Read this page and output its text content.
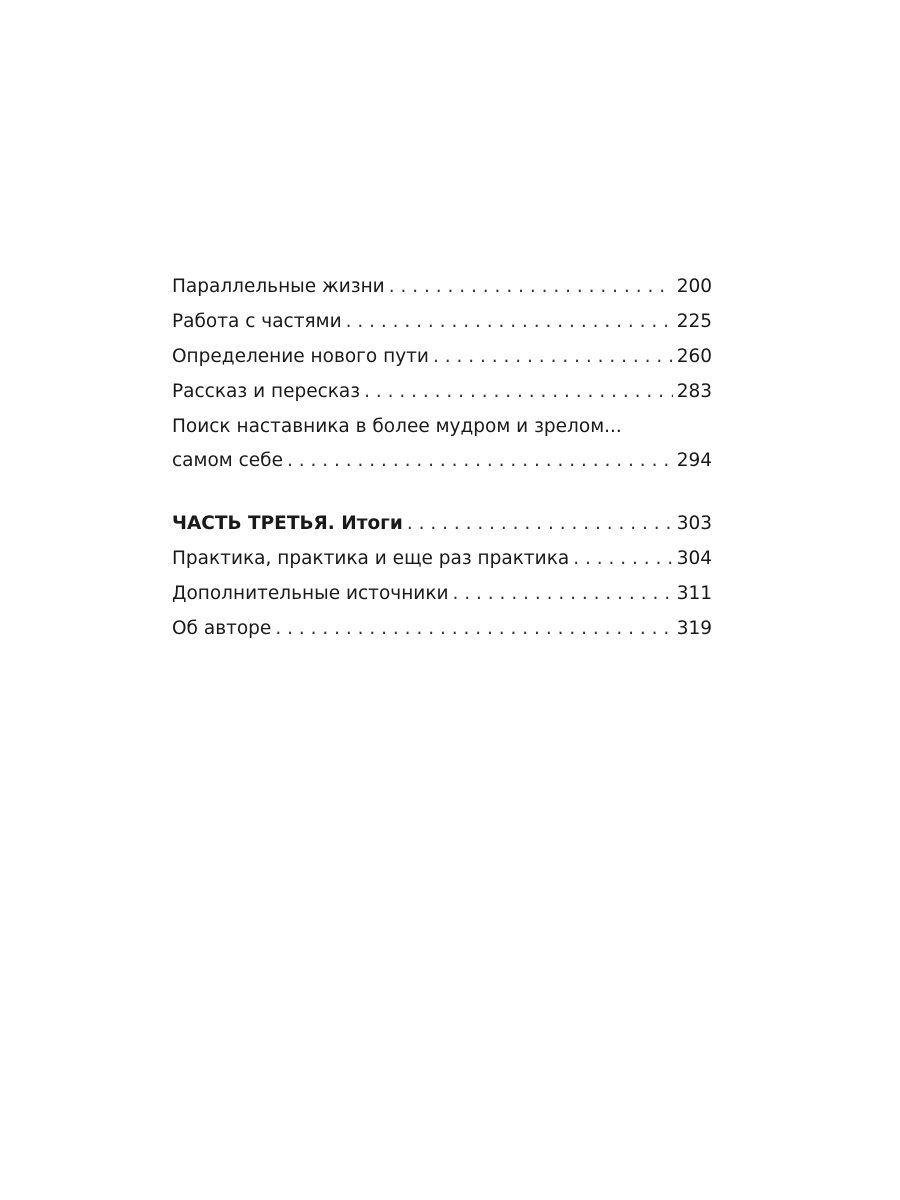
Параллельные жизни . . .	200
Работа с частями . . .	225
Определение нового пути . . .	260
Рассказ и пересказ . . .	283
Поиск наставника в более мудром и зрелом...
самом себе . . .	294
ЧАСТЬ ТРЕТЬЯ. Итоги . . .	303
Практика, практика и еще раз практика . . .	304
Дополнительные источники . . .	311
Об авторе . . .	319
